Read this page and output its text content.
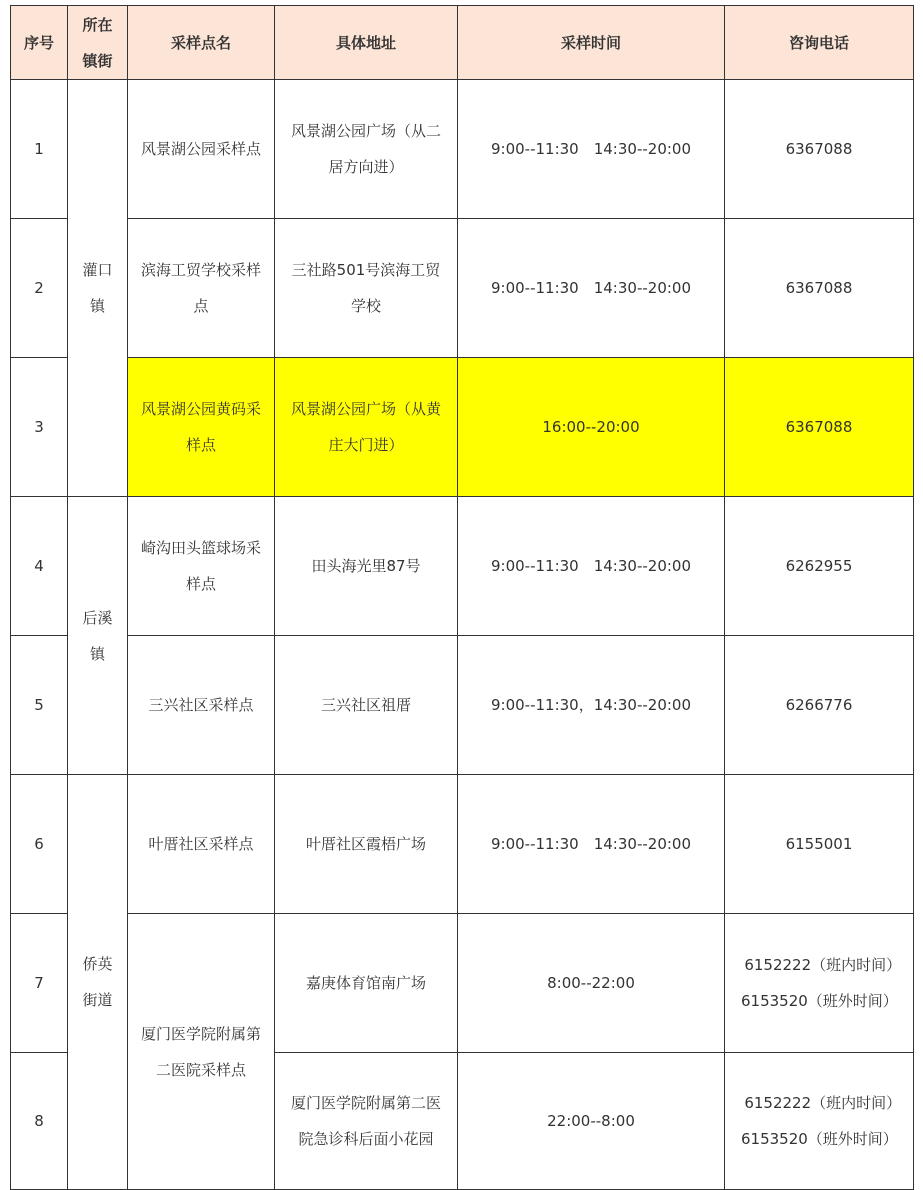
序号	所在镇街	采样点名	具体地址	采样时间	咨询电话
1	灌口镇	风景湖公园采样点	风景湖公园广场（从二居方向进）	9:00--11:30　14:30--20:00	6367088
2		滨海工贸学校采样点	三社路501号滨海工贸学校	9:00--11:30　14:30--20:00	6367088
3		风景湖公园黄码采样点	风景湖公园广场（从黄庄大门进）	16:00--20:00	6367088
4	后溪镇	崎沟田头篮球场采样点	田头海光里87号	9:00--11:30　14:30--20:00	6262955
5		三兴社区采样点	三兴社区祖厝	9:00--11:30，14:30--20:00	6266776
6	侨英街道	叶厝社区采样点	叶厝社区霞梧广场	9:00--11:30　14:30--20:00	6155001
7		厦门医学院附属第二医院采样点	嘉庚体育馆南广场	8:00--22:00	6152222（班内时间）6153520（班外时间）
8			厦门医学院附属第二医院急诊科后面小花园	22:00--8:00	6152222（班内时间）6153520（班外时间）
